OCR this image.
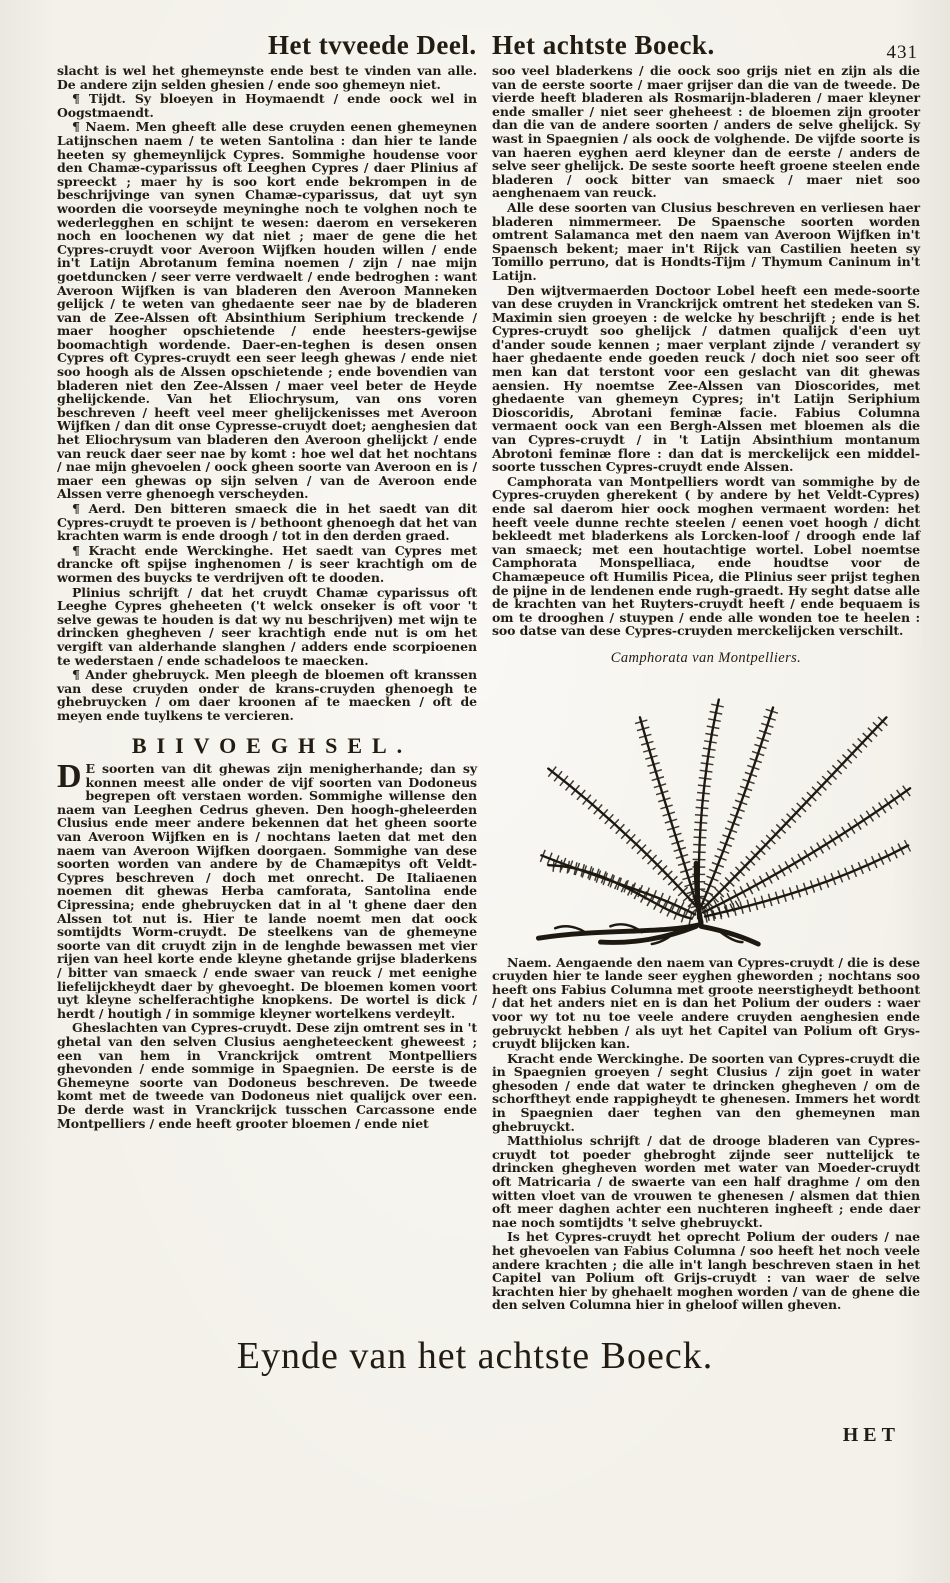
Het tvveede Deel. Het achtste Boeck.	431

slacht is wel het ghemeynste ende best te vinden van alle. De andere zijn selden ghesien / ende soo ghemeyn niet.

¶ Tijdt. Sy bloeyen in Hoymaendt / ende oock wel in Oogstmaendt.

¶ Naem. Men gheeft alle dese cruyden eenen ghemeynen Latijnschen naem / te weten Santolina : dan hier te lande heeten sy ghemeynlijck Cypres. Sommighe houdense voor den Chamæ-cyparissus oft Leeghen Cypres / daer Plinius af spreeckt ; maer hy is soo kort ende bekrompen in de beschrijvinge van synen Chamæ-cyparissus, dat uyt syn woorden die voorseyde meyninghe noch te volghen noch te wederlegghen en schijnt te wesen: daerom en versekeren noch en loochenen wy dat niet ; maer de gene die het Cypres-cruydt voor Averoon Wijfken houden willen / ende in't Latijn Abrotanum femina noemen / zijn / nae mijn goetduncken / seer verre verdwaelt / ende bedroghen : want Averoon Wijfken is van bladeren den Averoon Manneken gelijck / te weten van ghedaente seer nae by de bladeren van de Zee-Alssen oft Absinthium Seriphium treckende / maer hoogher opschietende / ende heesters-gewijse boomachtigh wordende. Daer-en-teghen is desen onsen Cypres oft Cypres-cruydt een seer leegh ghewas / ende niet soo hoogh als de Alssen opschietende ; ende bovendien van bladeren niet den Zee-Alssen / maer veel beter de Heyde ghelijckende. Van het Eliochrysum, van ons voren beschreven / heeft veel meer ghelijckenisses met Averoon Wijfken / dan dit onse Cypresse-cruydt doet; aenghesien dat het Eliochrysum van bladeren den Averoon ghelijckt / ende van reuck daer seer nae by komt : hoe wel dat het nochtans / nae mijn ghevoelen / oock gheen soorte van Averoon en is / maer een ghewas op sijn selven / van de Averoon ende Alssen verre ghenoegh verscheyden.

¶ Aerd. Den bitteren smaeck die in het saedt van dit Cypres-cruydt te proeven is / bethoont ghenoegh dat het van krachten warm is ende droogh / tot in den derden graed.

¶ Kracht ende Werckinghe. Het saedt van Cypres met drancke oft spijse inghenomen / is seer krachtigh om de wormen des buycks te verdrijven oft te dooden.

Plinius schrijft / dat het cruydt Chamæ cyparissus oft Leeghe Cypres gheheeten ('t welck onseker is oft voor 't selve gewas te houden is dat wy nu beschrijven) met wijn te drincken ghegheven / seer krachtigh ende nut is om het vergift van alderhande slanghen / adders ende scorpioenen te wederstaen / ende schadeloos te maecken.

¶ Ander ghebruyck. Men pleegh de bloemen oft kranssen van dese cruyden onder de krans-cruyden ghenoegh te ghebruycken / om daer kroonen af te maecken / oft de meyen ende tuylkens te vercieren.

BIIVOEGHSEL.

D E soorten van dit ghewas zijn menigherhande; dan sy konnen meest alle onder de vijf soorten van Dodoneus begrepen oft verstaen worden. Sommighe willense den naem van Leeghen Cedrus gheven. Den hoogh-gheleerden Clusius ende meer andere bekennen dat het gheen soorte van Averoon Wijfken en is / nochtans laeten dat met den naem van Averoon Wijfken doorgaen. Sommighe van dese soorten worden van andere by de Chamæpitys oft Veldt-Cypres beschreven / doch met onrecht. De Italiaenen noemen dit ghewas Herba camforata, Santolina ende Cipressina; ende ghebruycken dat in al 't ghene daer den Alssen tot nut is. Hier te lande noemt men dat oock somtijdts Worm-cruydt. De steelkens van de ghemeyne soorte van dit cruydt zijn in de lenghde bewassen met vier rijen van heel korte ende kleyne ghetande grijse bladerkens / bitter van smaeck / ende swaer van reuck / met eenighe liefelijckheydt daer by ghevoeght. De bloemen komen voort uyt kleyne schelferachtighe knopkens. De wortel is dick / herdt / houtigh / in sommige kleyner wortelkens verdeylt.

Gheslachten van Cypres-cruydt. Dese zijn omtrent ses in 't ghetal van den selven Clusius aengheteeckent gheweest ; een van hem in Vranckrijck omtrent Montpelliers ghevonden / ende sommige in Spaegnien. De eerste is de Ghemeyne soorte van Dodoneus beschreven. De tweede komt met de tweede van Dodoneus niet qualijck over een. De derde wast in Vranckrijck tusschen Carcassone ende Montpelliers / ende heeft grooter bloemen / ende niet

soo veel bladerkens / die oock soo grijs niet en zijn als die van de eerste soorte / maer grijser dan die van de tweede. De vierde heeft bladeren als Rosmarijn-bladeren / maer kleyner ende smaller / niet seer gheheest : de bloemen zijn grooter dan die van de andere soorten / anders de selve ghelijck. Sy wast in Spaegnien / als oock de volghende. De vijfde soorte is van haeren eyghen aerd kleyner dan de eerste / anders de selve seer ghelijck. De seste soorte heeft groene steelen ende bladeren / oock bitter van smaeck / maer niet soo aenghenaem van reuck.

Alle dese soorten van Clusius beschreven en verliesen haer bladeren nimmermeer. De Spaensche soorten worden omtrent Salamanca met den naem van Averoon Wijfken in't Spaensch bekent; maer in't Rijck van Castilien heeten sy Tomillo perruno, dat is Hondts-Tijm / Thymum Caninum in't Latijn.

Den wijtvermaerden Doctoor Lobel heeft een mede-soorte van dese cruyden in Vranckrijck omtrent het stedeken van S. Maximin sien groeyen : de welcke hy beschrijft ; ende is het Cypres-cruydt soo ghelijck / datmen qualijck d'een uyt d'ander soude kennen ; maer verplant zijnde / verandert sy haer ghedaente ende goeden reuck / doch niet soo seer oft men kan dat terstont voor een geslacht van dit ghewas aensien. Hy noemtse Zee-Alssen van Dioscorides, met ghedaente van ghemeyn Cypres; in't Latijn Seriphium Dioscoridis, Abrotani feminæ facie. Fabius Columna vermaent oock van een Bergh-Alssen met bloemen als die van Cypres-cruydt / in 't Latijn Absinthium montanum Abrotoni feminæ flore : dan dat is merckelijck een middel-soorte tusschen Cypres-cruydt ende Alssen.

Camphorata van Montpelliers wordt van sommighe by de Cypres-cruyden gherekent ( by andere by het Veldt-Cypres) ende sal daerom hier oock moghen vermaent worden: het heeft veele dunne rechte steelen / eenen voet hoogh / dicht bekleedt met bladerkens als Lorcken-loof / droogh ende laf van smaeck; met een houtachtige wortel. Lobel noemtse Camphorata Monspelliaca, ende houdtse voor de Chamæpeuce oft Humilis Picea, die Plinius seer prijst teghen de pijne in de lendenen ende rugh-graedt. Hy seght datse alle de krachten van het Ruyters-cruydt heeft / ende bequaem is om te drooghen / stuypen / ende alle wonden toe te heelen : soo datse van dese Cypres-cruyden merckelijcken verschilt.

Camphorata van Montpelliers.

Naem. Aengaende den naem van Cypres-cruydt / die is dese cruyden hier te lande seer eyghen gheworden ; nochtans soo heeft ons Fabius Columna met groote neerstigheydt bethoont / dat het anders niet en is dan het Polium der ouders : waer voor wy tot nu toe veele andere cruyden aenghesien ende gebruyckt hebben / als uyt het Capitel van Polium oft Grys-cruydt blijcken kan.

Kracht ende Werckinghe. De soorten van Cypres-cruydt die in Spaegnien groeyen / seght Clusius / zijn goet in water ghesoden / ende dat water te drincken ghegheven / om de schorftheyt ende rappigheydt te ghenesen. Immers het wordt in Spaegnien daer teghen van den ghemeynen man ghebruyckt.

Matthiolus schrijft / dat de drooge bladeren van Cypres-cruydt tot poeder ghebroght zijnde seer nuttelijck te drincken ghegheven worden met water van Moeder-cruydt oft Matricaria / de swaerte van een half draghme / om den witten vloet van de vrouwen te ghenesen / alsmen dat thien oft meer daghen achter een nuchteren ingheeft ; ende daer nae noch somtijdts 't selve ghebruyckt.

Is het Cypres-cruydt het oprecht Polium der ouders / nae het ghevoelen van Fabius Columna / soo heeft het noch veele andere krachten ; die alle in't langh beschreven staen in het Capitel van Polium oft Grijs-cruydt : van waer de selve krachten hier by ghehaelt moghen worden / van de ghene die den selven Columna hier in gheloof willen gheven.

Eynde van het achtste Boeck.
HET
